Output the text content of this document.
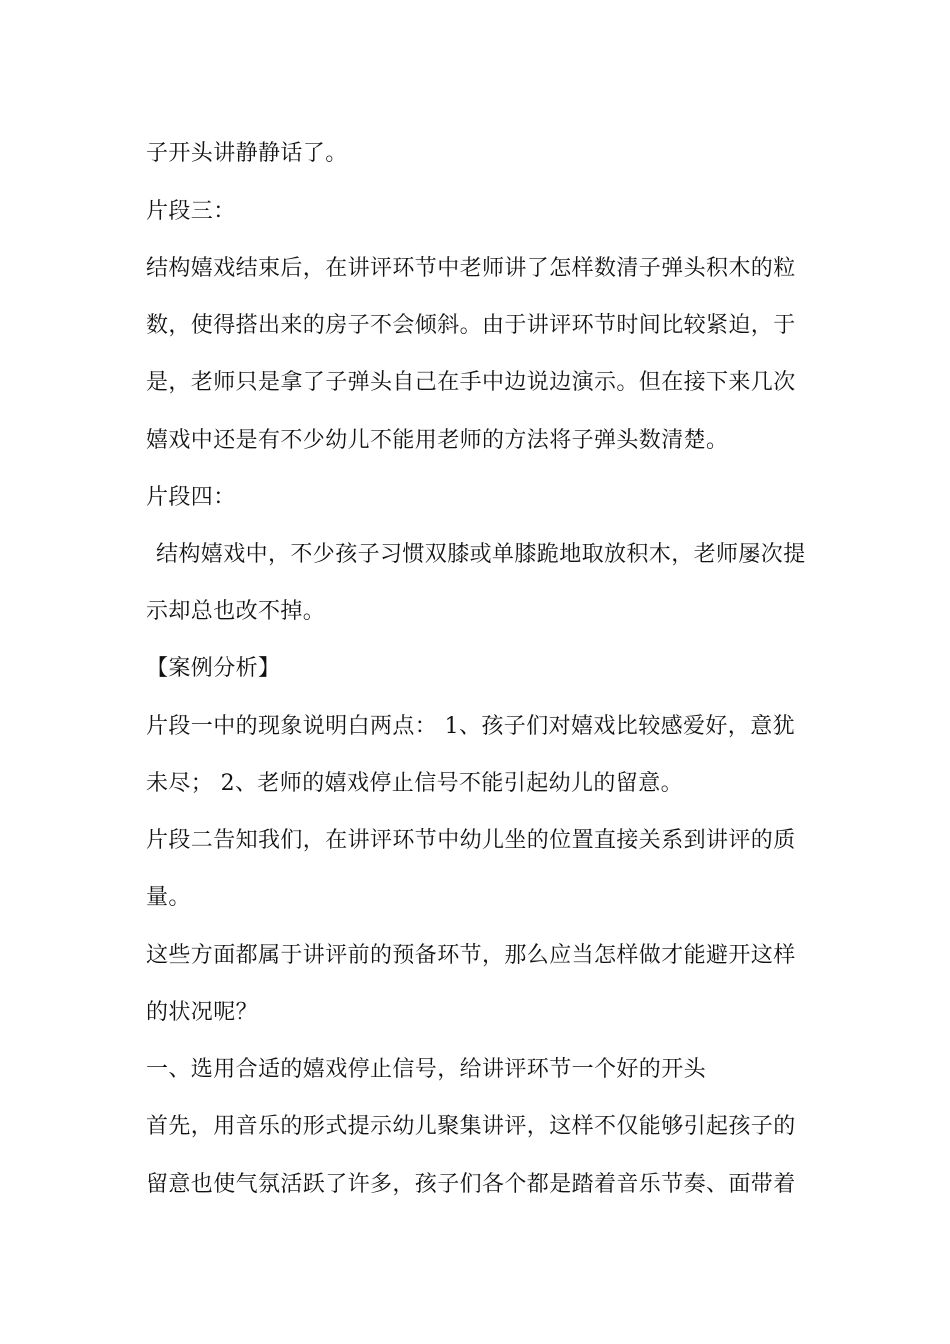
子开头讲静静话了。

片段三：

结构嬉戏结束后，在讲评环节中老师讲了怎样数清子弹头积木的粒

数，使得搭出来的房子不会倾斜。由于讲评环节时间比较紧迫，于

是，老师只是拿了子弹头自己在手中边说边演示。但在接下来几次

嬉戏中还是有不少幼儿不能用老师的方法将子弹头数清楚。

片段四：

结构嬉戏中，不少孩子习惯双膝或单膝跪地取放积木，老师屡次提

示却总也改不掉。

【案例分析】

片段一中的现象说明白两点： 1、孩子们对嬉戏比较感爱好，意犹

未尽； 2、老师的嬉戏停止信号不能引起幼儿的留意。

片段二告知我们，在讲评环节中幼儿坐的位置直接关系到讲评的质

量。

这些方面都属于讲评前的预备环节，那么应当怎样做才能避开这样

的状况呢？

一、选用合适的嬉戏停止信号，给讲评环节一个好的开头

首先，用音乐的形式提示幼儿聚集讲评，这样不仅能够引起孩子的

留意也使气氛活跃了许多，孩子们各个都是踏着音乐节奏、面带着
